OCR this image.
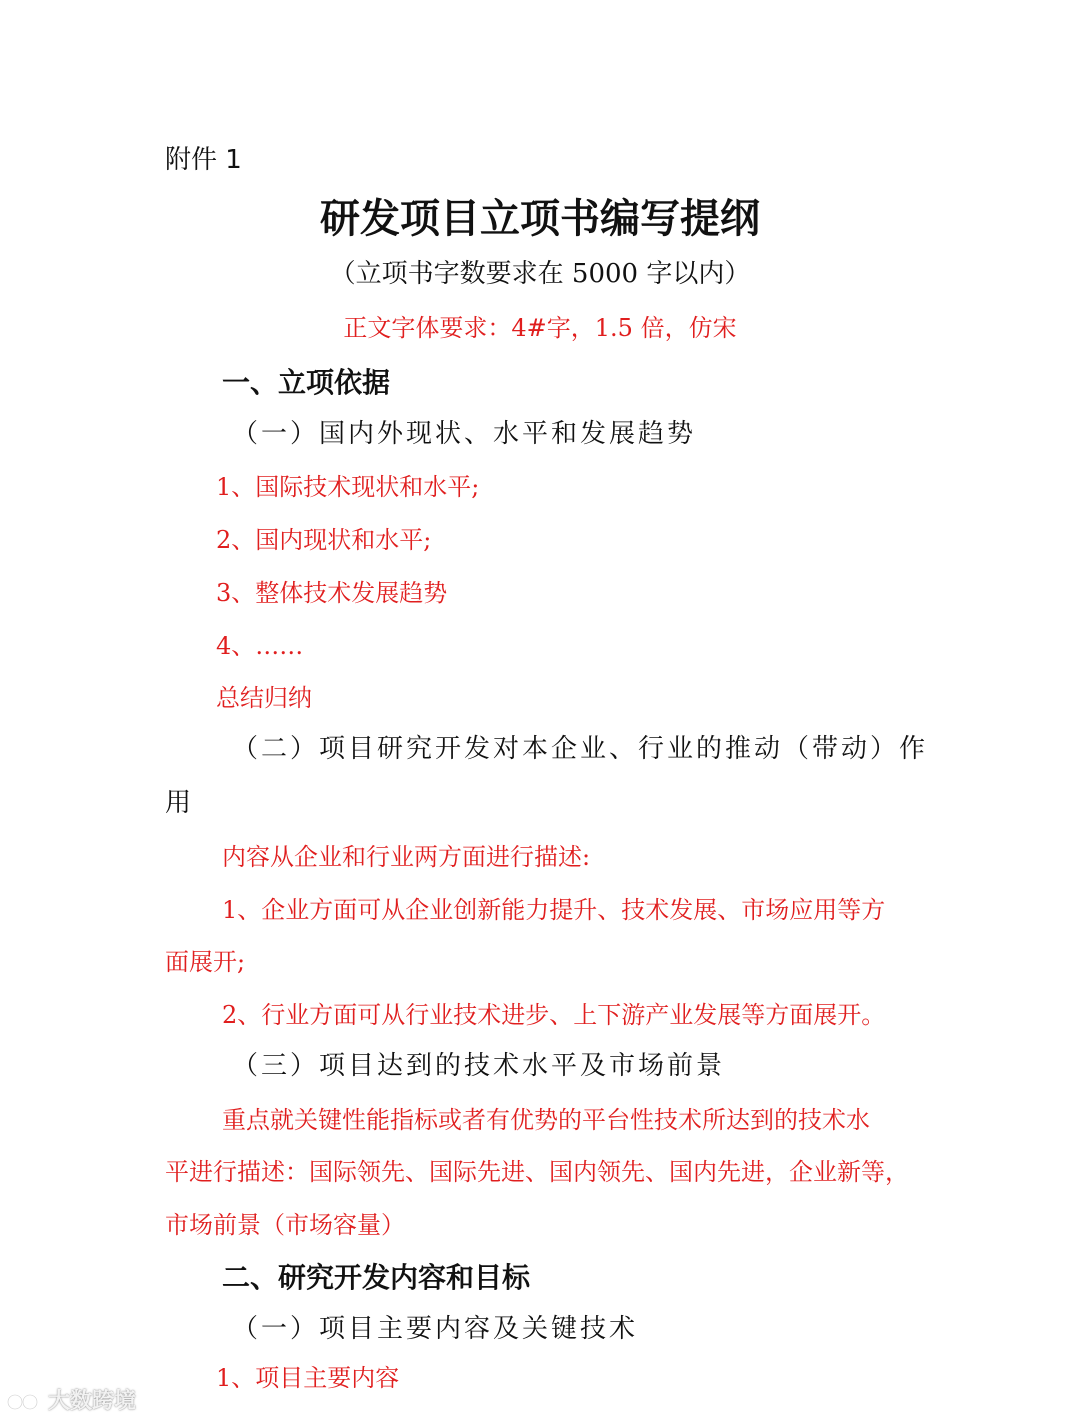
附件 1
研发项目立项书编写提纲
（立项书字数要求在 5000 字以内）
正文字体要求：4#字，1.5 倍，仿宋
一、立项依据
（一）国内外现状、水平和发展趋势
1、国际技术现状和水平;
2、国内现状和水平;
3、整体技术发展趋势
4、……
总结归纳
（二）项目研究开发对本企业、行业的推动（带动）作
用
内容从企业和行业两方面进行描述:
1、企业方面可从企业创新能力提升、技术发展、市场应用等方
面展开;
2、行业方面可从行业技术进步、上下游产业发展等方面展开。
（三）项目达到的技术水平及市场前景
重点就关键性能指标或者有优势的平台性技术所达到的技术水
平进行描述：国际领先、国际先进、国内领先、国内先进，企业新等，
市场前景（市场容量）
二、研究开发内容和目标
（一）项目主要内容及关键技术
1、项目主要内容
大数跨境
